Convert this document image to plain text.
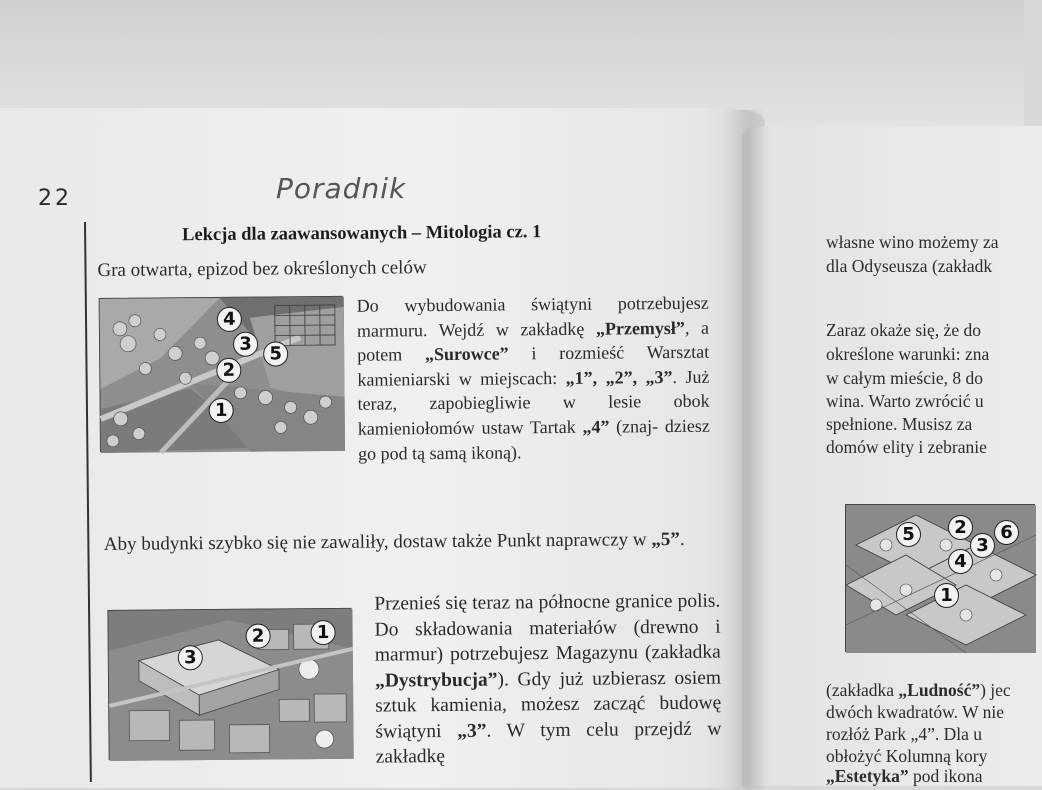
22	Poradnik
Lekcja dla zaawansowanych – Mitologia cz. 1
Gra otwarta, epizod bez określonych celów
4
3 5
2
1

Do wybudowania świątyni potrzebujesz marmuru. Wejdź w zakładkę „Przemysł”, a potem „Surowce” i rozmieść Warsztat kamieniarski w miejscach: „1”, „2”, „3”. Już teraz, zapobiegliwie w lesie obok kamieniołomów ustaw Tartak „4” (znaj- dziesz go pod tą samą ikoną).

Aby budynki szybko się nie zawaliły, dostaw także Punkt naprawczy w „5”.

3
2	1

Przenieś się teraz na północne granice polis. Do składowania materiałów (drewno i marmur) potrzebujesz Magazynu (zakładka „Dystrybucja”). Gdy już uzbierasz osiem sztuk kamienia, możesz zacząć budowę świątyni „3”. W tym celu przejdź w zakładkę

własne wino możemy za
dla Odyseusza (zakładk
Zaraz okaże się, że do
określone warunki: zna
w całym mieście, 8 do
wina. Warto zwrócić u
spełnione. Musisz za
domów elity i zebranie
5	2	6
3
4
1
(zakładka „Ludność”) jec
dwóch kwadratów. W nie
rozłóż Park „4”. Dla u
obłożyć Kolumną kory
„Estetyka” pod ikona
